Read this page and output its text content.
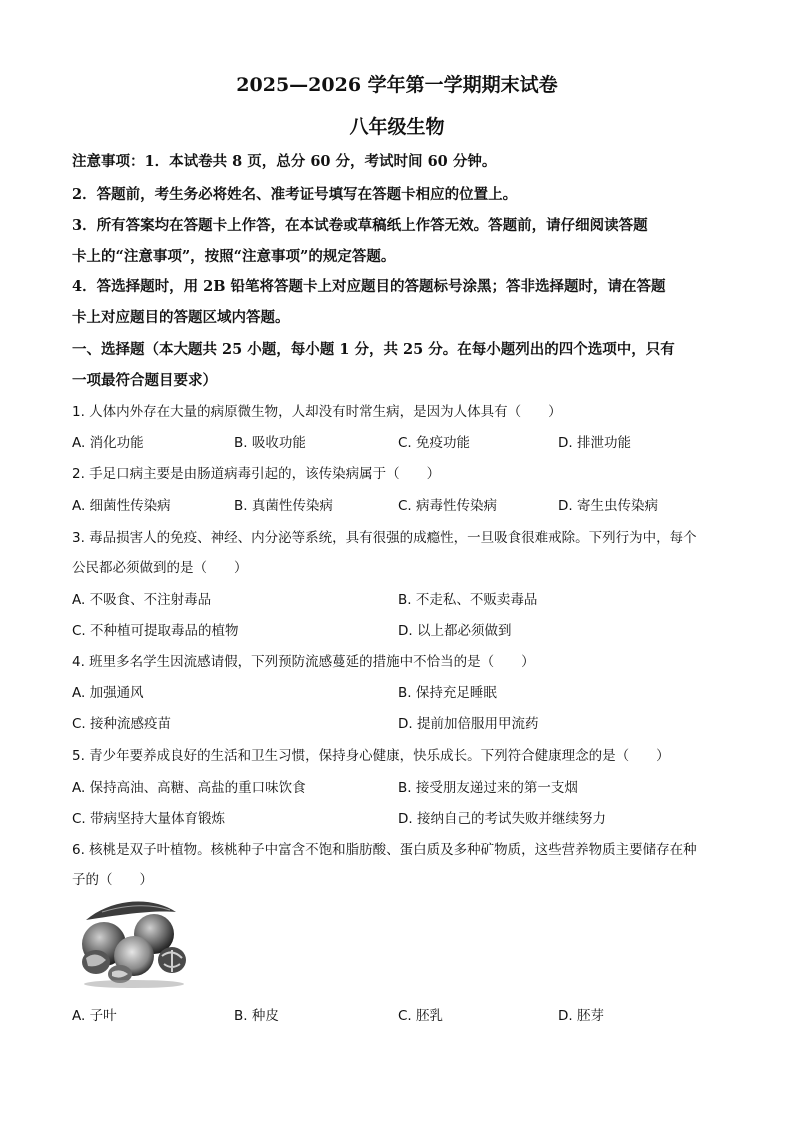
2025—2026 学年第一学期期末试卷
八年级生物
注意事项：1．本试卷共 8 页，总分 60 分，考试时间 60 分钟。
2．答题前，考生务必将姓名、准考证号填写在答题卡相应的位置上。
3．所有答案均在答题卡上作答，在本试卷或草稿纸上作答无效。答题前，请仔细阅读答题
卡上的“注意事项”，按照“注意事项”的规定答题。
4．答选择题时，用 2B 铅笔将答题卡上对应题目的答题标号涂黑；答非选择题时，请在答题
卡上对应题目的答题区域内答题。
一、选择题（本大题共 25 小题，每小题 1 分，共 25 分。在每小题列出的四个选项中，只有
一项最符合题目要求）
1. 人体内外存在大量的病原微生物，人却没有时常生病，是因为人体具有（　　）
A. 消化功能	B. 吸收功能	C. 免疫功能	D. 排泄功能
2. 手足口病主要是由肠道病毒引起的，该传染病属于（　　）
A. 细菌性传染病	B. 真菌性传染病	C. 病毒性传染病	D. 寄生虫传染病
3. 毒品损害人的免疫、神经、内分泌等系统，具有很强的成瘾性，一旦吸食很难戒除。下列行为中，每个
公民都必须做到的是（　　）
A. 不吸食、不注射毒品	B. 不走私、不贩卖毒品
C. 不种植可提取毒品的植物	D. 以上都必须做到
4. 班里多名学生因流感请假，下列预防流感蔓延的措施中不恰当的是（　　）
A. 加强通风	B. 保持充足睡眠
C. 接种流感疫苗	D. 提前加倍服用甲流药
5. 青少年要养成良好的生活和卫生习惯，保持身心健康，快乐成长。下列符合健康理念的是（　　）
A. 保持高油、高糖、高盐的重口味饮食	B. 接受朋友递过来的第一支烟
C. 带病坚持大量体育锻炼	D. 接纳自己的考试失败并继续努力
6. 核桃是双子叶植物。核桃种子中富含不饱和脂肪酸、蛋白质及多种矿物质，这些营养物质主要储存在种
子的（　　）
A. 子叶	B. 种皮	C. 胚乳	D. 胚芽
